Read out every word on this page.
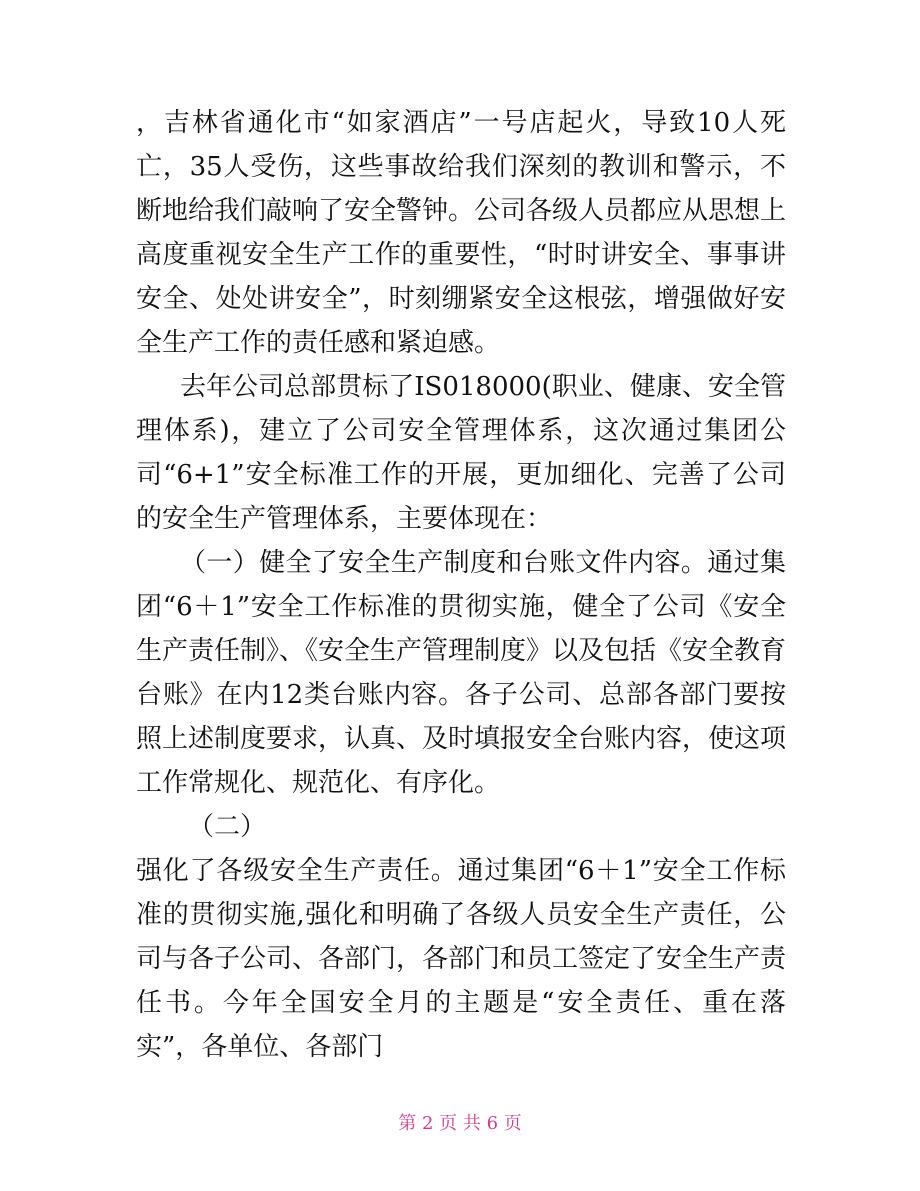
，吉林省通化市“如家酒店”一号店起火，导致10人死亡，35人受伤，这些事故给我们深刻的教训和警示，不断地给我们敲响了安全警钟。公司各级人员都应从思想上高度重视安全生产工作的重要性，“时时讲安全、事事讲安全、处处讲安全”，时刻绷紧安全这根弦，增强做好安全生产工作的责任感和紧迫感。

去年公司总部贯标了IS018000(职业、健康、安全管理体系)，建立了公司安全管理体系，这次通过集团公司“6+1”安全标准工作的开展，更加细化、完善了公司的安全生产管理体系，主要体现在：

（一）健全了安全生产制度和台账文件内容。通过集团“6＋1”安全工作标准的贯彻实施，健全了公司《安全生产责任制》、《安全生产管理制度》以及包括《安全教育台账》在内12类台账内容。各子公司、总部各部门要按照上述制度要求，认真、及时填报安全台账内容，使这项工作常规化、规范化、有序化。

（二）

强化了各级安全生产责任。通过集团“6＋1”安全工作标准的贯彻实施,强化和明确了各级人员安全生产责任，公司与各子公司、各部门，各部门和员工签定了安全生产责任书。今年全国安全月的主题是“安全责任、重在落实”，各单位、各部门

第 2 页 共 6 页
